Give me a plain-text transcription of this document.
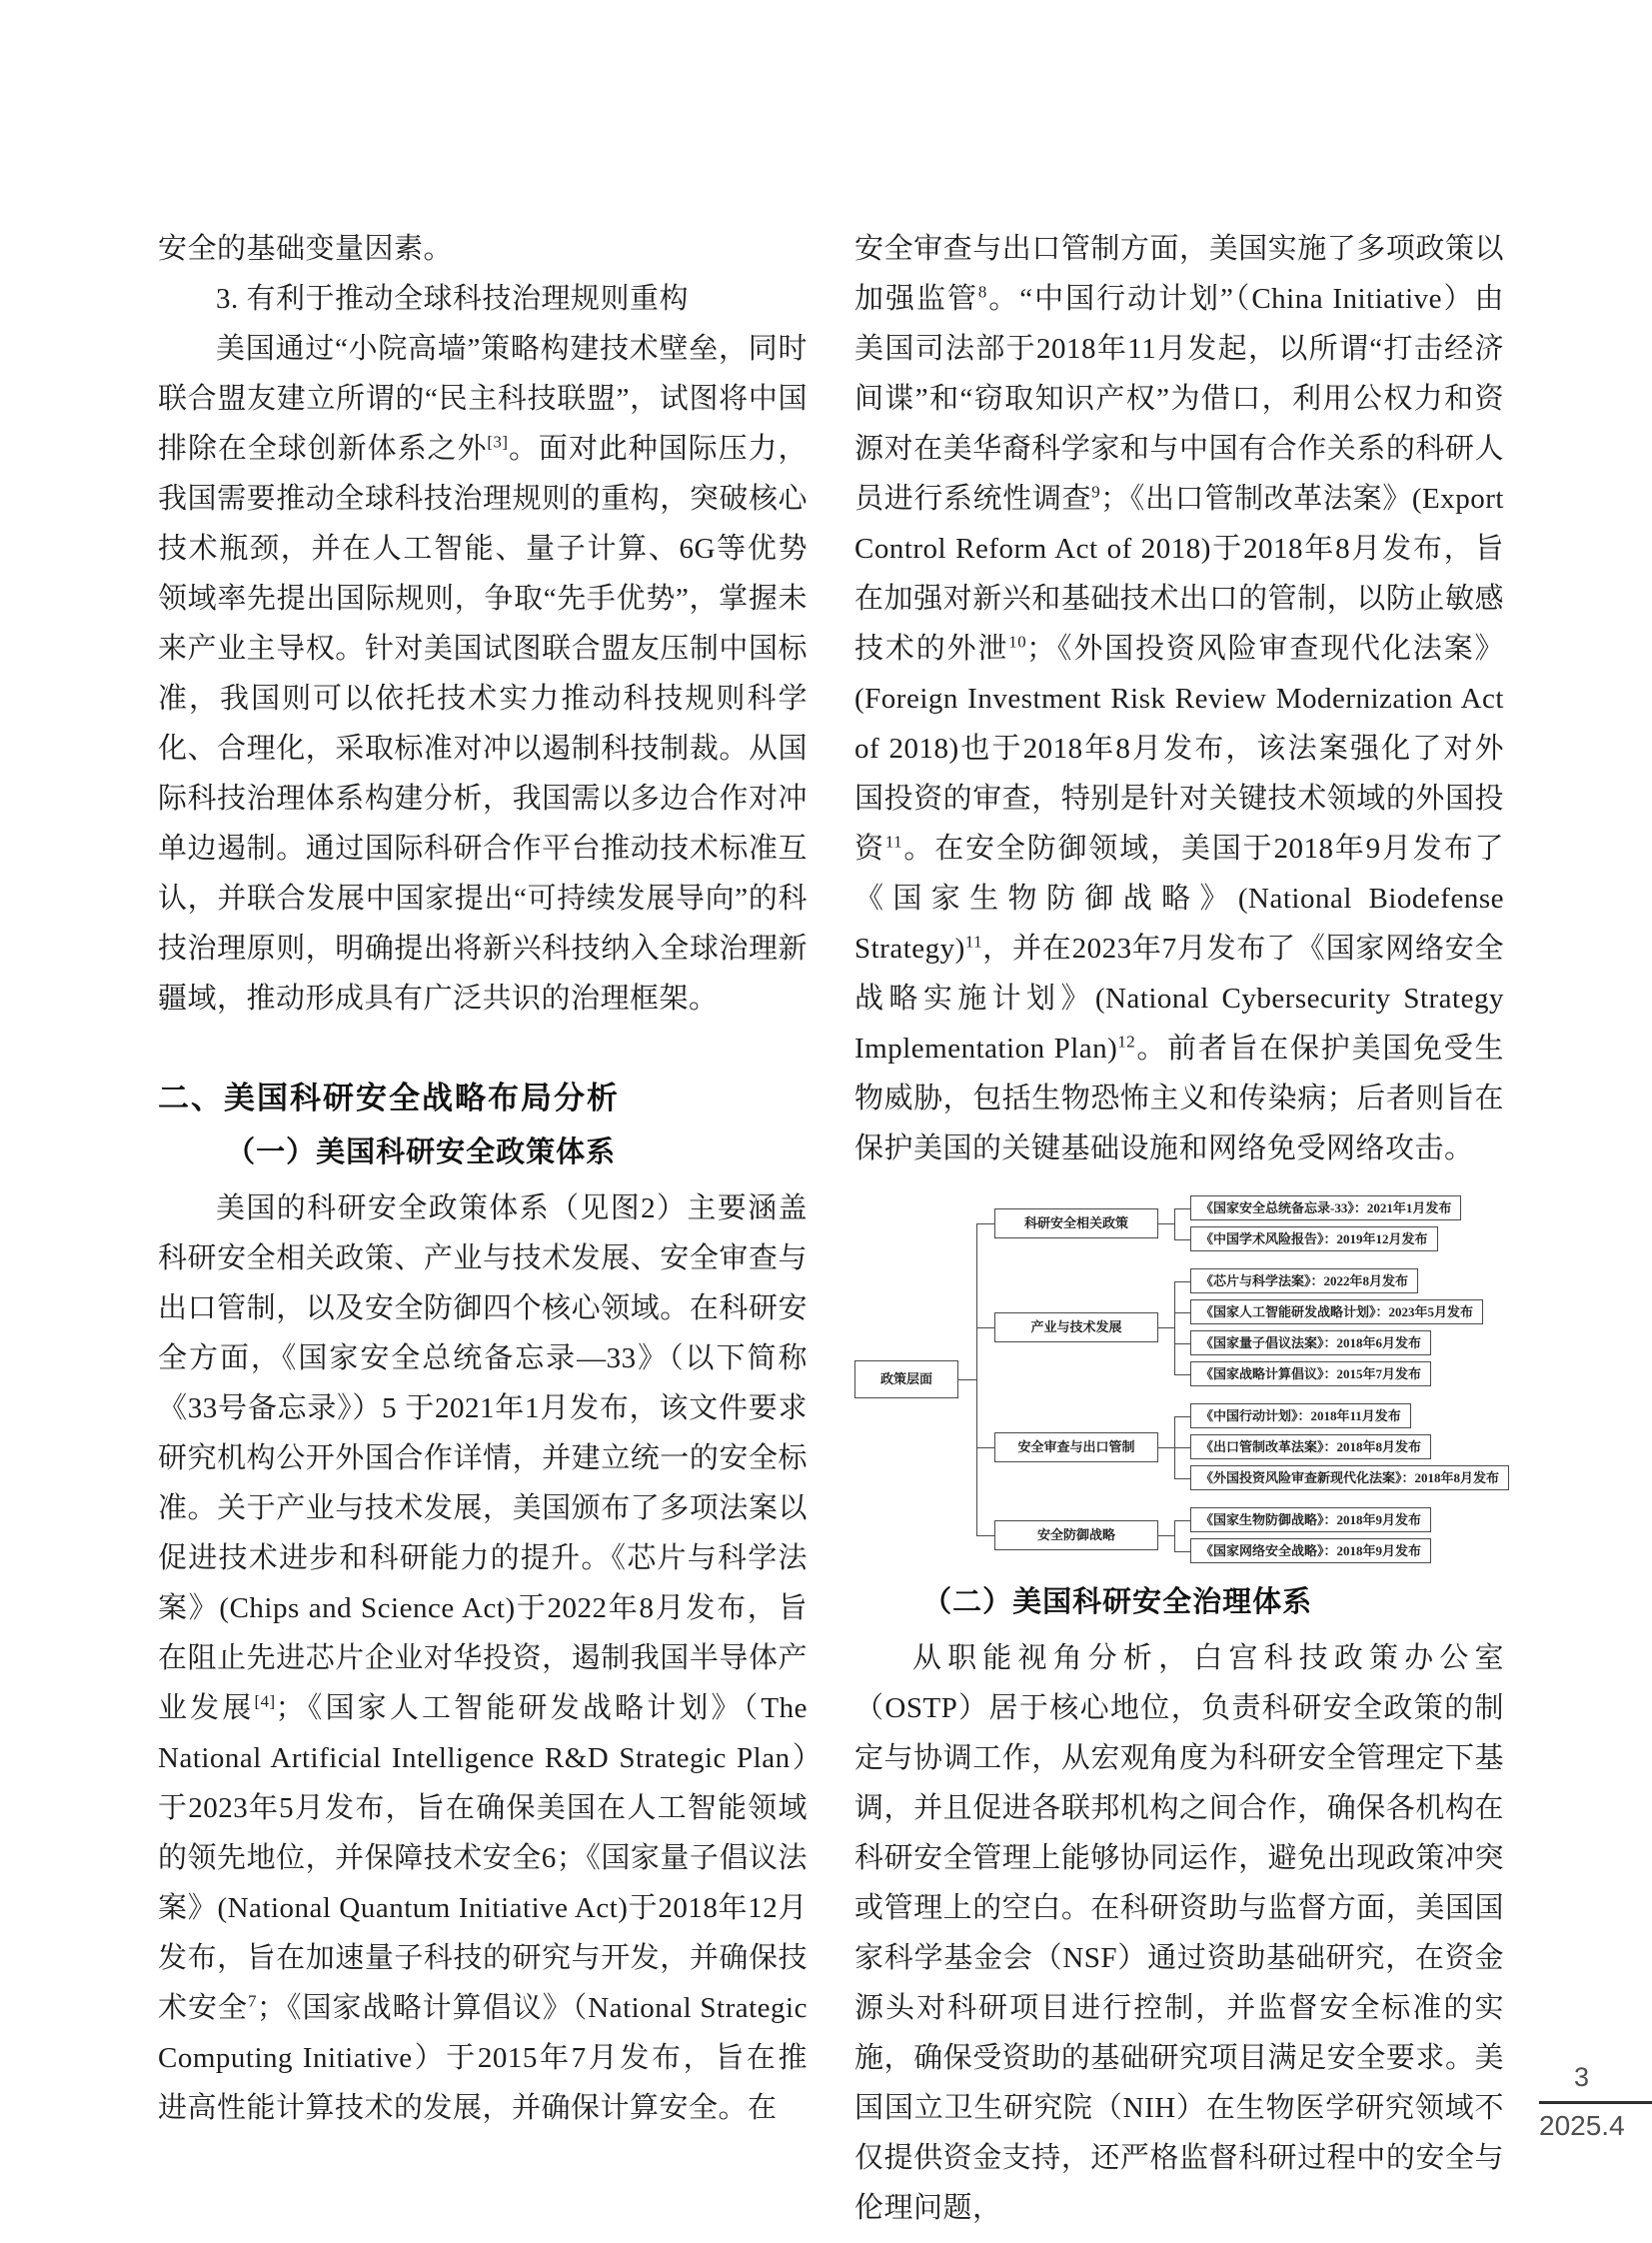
安全的基础变量因素。

3. 有利于推动全球科技治理规则重构

美国通过“小院高墙”策略构建技术壁垒，同时联合盟友建立所谓的“民主科技联盟”，试图将中国排除在全球创新体系之外[3]。面对此种国际压力，我国需要推动全球科技治理规则的重构，突破核心技术瓶颈，并在人工智能、量子计算、6G等优势领域率先提出国际规则，争取“先手优势”，掌握未来产业主导权。针对美国试图联合盟友压制中国标准，我国则可以依托技术实力推动科技规则科学化、合理化，采取标准对冲以遏制科技制裁。从国际科技治理体系构建分析，我国需以多边合作对冲单边遏制。通过国际科研合作平台推动技术标准互认，并联合发展中国家提出“可持续发展导向”的科技治理原则，明确提出将新兴科技纳入全球治理新疆域，推动形成具有广泛共识的治理框架。

二、美国科研安全战略布局分析
（一）美国科研安全政策体系

美国的科研安全政策体系（见图2）主要涵盖科研安全相关政策、产业与技术发展、安全审查与出口管制，以及安全防御四个核心领域。在科研安全方面，《国家安全总统备忘录—33》（以下简称《33号备忘录》）5 于2021年1月发布，该文件要求研究机构公开外国合作详情，并建立统一的安全标准。关于产业与技术发展，美国颁布了多项法案以促进技术进步和科研能力的提升。《芯片与科学法案》(Chips and Science Act)于2022年8月发布，旨在阻止先进芯片企业对华投资，遏制我国半导体产业发展[4]；《国家人工智能研发战略计划》（The National Artificial Intelligence R&D Strategic Plan）于2023年5月发布，旨在确保美国在人工智能领域的领先地位，并保障技术安全6；《国家量子倡议法案》(National Quantum Initiative Act)于2018年12月发布，旨在加速量子科技的研究与开发，并确保技术安全$^7$；《国家战略计算倡议》（National Strategic Computing Initiative）于2015年7月发布，旨在推进高性能计算技术的发展，并确保计算安全。在

安全审查与出口管制方面，美国实施了多项政策以加强监管$^8$。“中国行动计划”（China Initiative）由美国司法部于2018年11月发起，以所谓“打击经济间谍”和“窃取知识产权”为借口，利用公权力和资源对在美华裔科学家和与中国有合作关系的科研人员进行系统性调查$^9$；《出口管制改革法案》(Export Control Reform Act of 2018)于2018年8月发布，旨在加强对新兴和基础技术出口的管制，以防止敏感技术的外泄$^{10}$；《外国投资风险审查现代化法案》(Foreign Investment Risk Review Modernization Act of 2018)也于2018年8月发布，该法案强化了对外国投资的审查，特别是针对关键技术领域的外国投资$^{11}$。在安全防御领域，美国于2018年9月发布了《国家生物防御战略》(National Biodefense Strategy)$^{11}$，并在2023年7月发布了《国家网络安全战略实施计划》(National Cybersecurity Strategy Implementation Plan)$^{12}$。前者旨在保护美国免受生物威胁，包括生物恐怖主义和传染病；后者则旨在保护美国的关键基础设施和网络免受网络攻击。

政策层面
科研安全相关政策
《国家安全总统备忘录-33》：2021年1月发布
《中国学术风险报告》：2019年12月发布
产业与技术发展
《芯片与科学法案》：2022年8月发布
《国家人工智能研发战略计划》：2023年5月发布
《国家量子倡议法案》：2018年6月发布
《国家战略计算倡议》：2015年7月发布
安全审查与出口管制
《中国行动计划》：2018年11月发布
《出口管制改革法案》：2018年8月发布
《外国投资风险审查新现代化法案》：2018年8月发布
安全防御战略
《国家生物防御战略》：2018年9月发布
《国家网络安全战略》：2018年9月发布
（二）美国科研安全治理体系

从职能视角分析，白宫科技政策办公室（OSTP）居于核心地位，负责科研安全政策的制定与协调工作，从宏观角度为科研安全管理定下基调，并且促进各联邦机构之间合作，确保各机构在科研安全管理上能够协同运作，避免出现政策冲突或管理上的空白。在科研资助与监督方面，美国国家科学基金会（NSF）通过资助基础研究，在资金源头对科研项目进行控制，并监督安全标准的实施，确保受资助的基础研究项目满足安全要求。美国国立卫生研究院（NIH）在生物医学研究领域不仅提供资金支持，还严格监督科研过程中的安全与伦理问题，

3
2025.4
